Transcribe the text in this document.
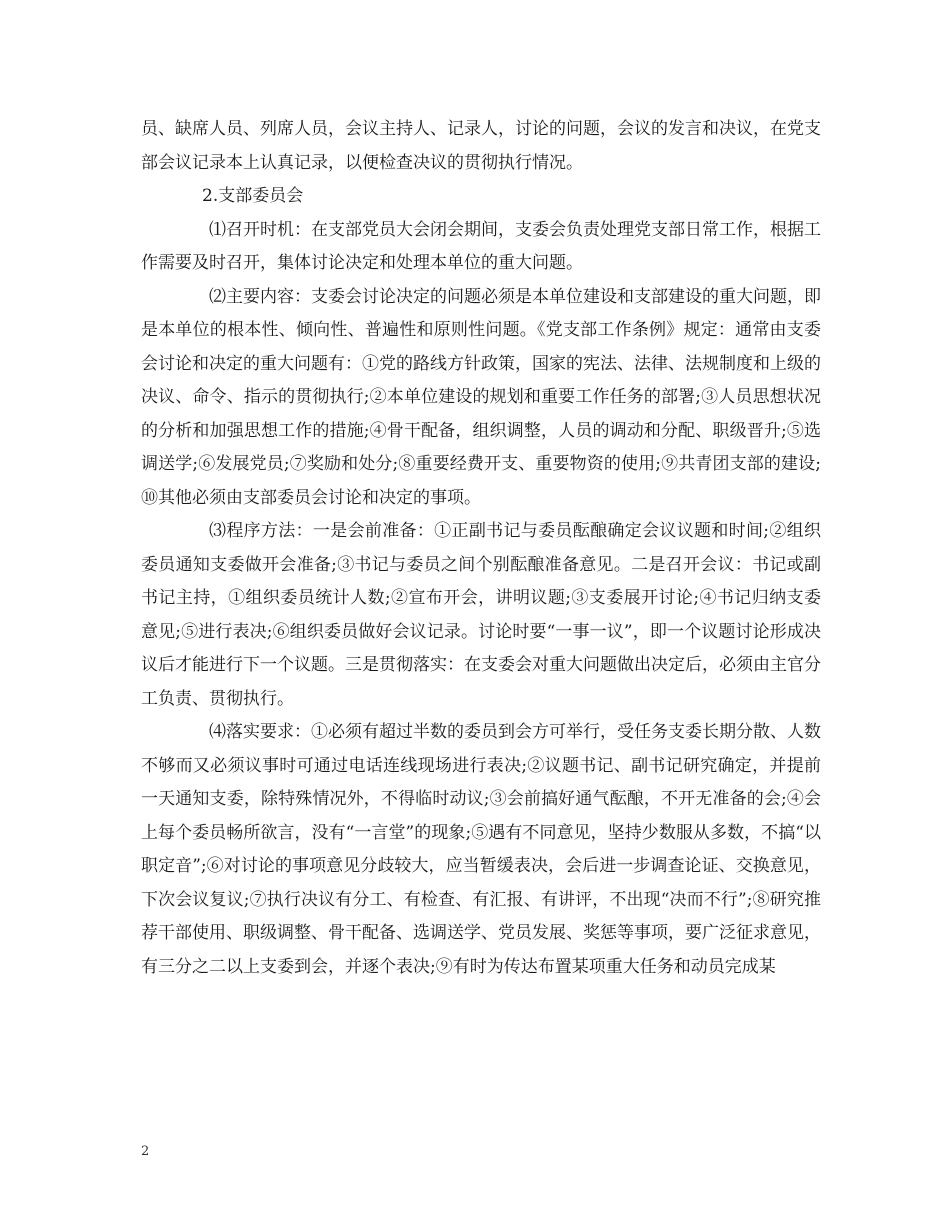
员、缺席人员、列席人员，会议主持人、记录人，讨论的问题，会议的发言和决议，在党支部会议记录本上认真记录，以便检查决议的贯彻执行情况。

2.支部委员会

⑴召开时机：在支部党员大会闭会期间，支委会负责处理党支部日常工作，根据工作需要及时召开，集体讨论决定和处理本单位的重大问题。

⑵主要内容：支委会讨论决定的问题必须是本单位建设和支部建设的重大问题，即是本单位的根本性、倾向性、普遍性和原则性问题。《党支部工作条例》规定：通常由支委会讨论和决定的重大问题有：①党的路线方针政策，国家的宪法、法律、法规制度和上级的决议、命令、指示的贯彻执行;②本单位建设的规划和重要工作任务的部署;③人员思想状况的分析和加强思想工作的措施;④骨干配备，组织调整，人员的调动和分配、职级晋升;⑤选调送学;⑥发展党员;⑦奖励和处分;⑧重要经费开支、重要物资的使用;⑨共青团支部的建设;⑩其他必须由支部委员会讨论和决定的事项。

⑶程序方法：一是会前准备：①正副书记与委员酝酿确定会议议题和时间;②组织委员通知支委做开会准备;③书记与委员之间个别酝酿准备意见。二是召开会议：书记或副书记主持，①组织委员统计人数;②宣布开会，讲明议题;③支委展开讨论;④书记归纳支委意见;⑤进行表决;⑥组织委员做好会议记录。讨论时要“一事一议”，即一个议题讨论形成决议后才能进行下一个议题。三是贯彻落实：在支委会对重大问题做出决定后，必须由主官分工负责、贯彻执行。

⑷落实要求：①必须有超过半数的委员到会方可举行，受任务支委长期分散、人数不够而又必须议事时可通过电话连线现场进行表决;②议题书记、副书记研究确定，并提前一天通知支委，除特殊情况外，不得临时动议;③会前搞好通气酝酿，不开无准备的会;④会上每个委员畅所欲言，没有“一言堂”的现象;⑤遇有不同意见，坚持少数服从多数，不搞“以职定音”;⑥对讨论的事项意见分歧较大，应当暂缓表决，会后进一步调查论证、交换意见，下次会议复议;⑦执行决议有分工、有检查、有汇报、有讲评，不出现“决而不行”;⑧研究推荐干部使用、职级调整、骨干配备、选调送学、党员发展、奖惩等事项，要广泛征求意见，有三分之二以上支委到会，并逐个表决;⑨有时为传达布置某项重大任务和动员完成某

2
